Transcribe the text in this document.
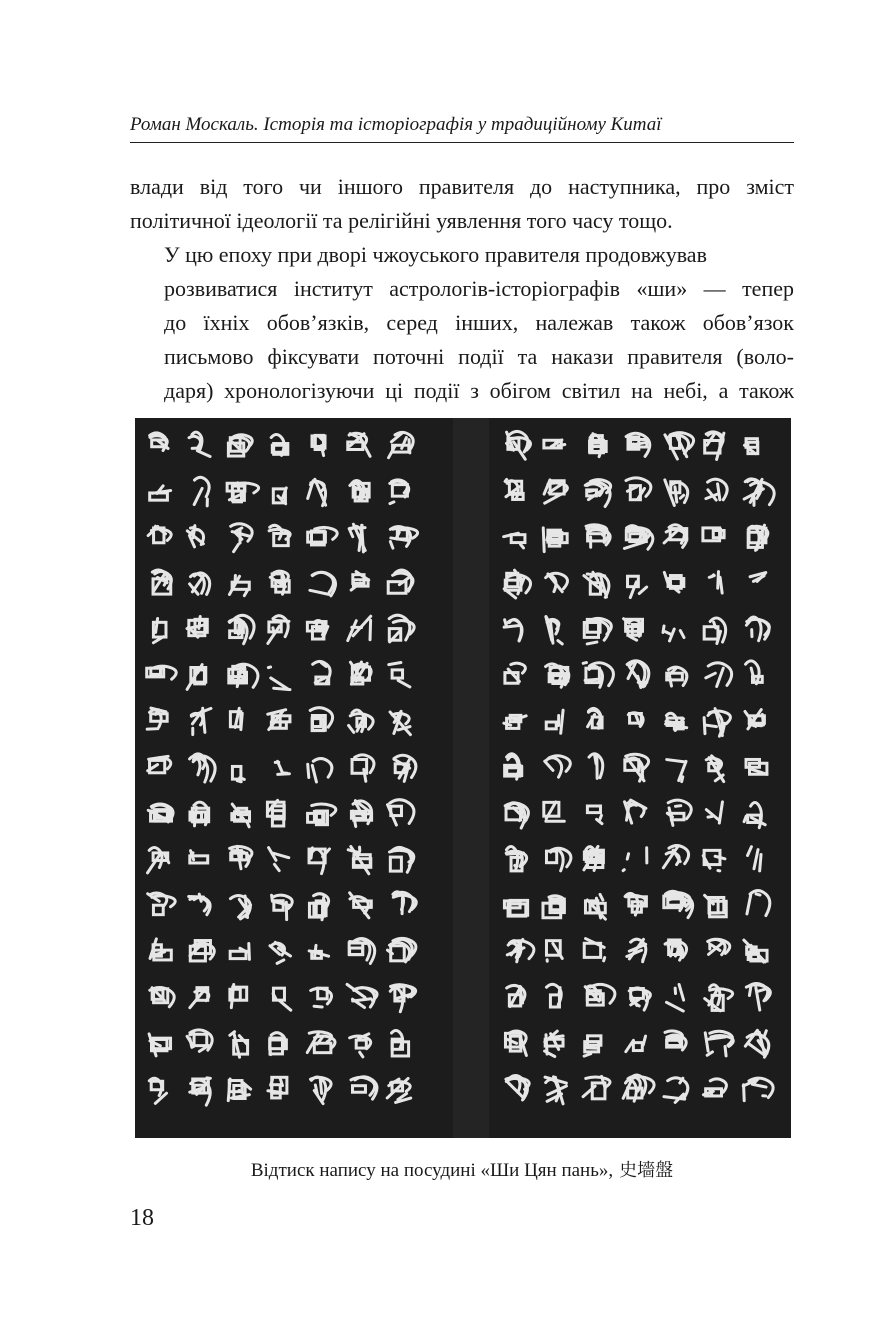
Роман Москаль. Історія та історіографія у традиційному Китаї

влади від того чи іншого правителя до наступника, про зміст
політичної ідеології та релігійні уявлення того часу тощо.

У цю епоху при дворі чжоуського правителя продовжував
розвиватися інститут астрологів-історіографів «ши» — тепер
до їхніх обов’язків, серед інших, належав також обов’язок
письмово фіксувати поточні події та накази правителя (воло-
даря) хронологізуючи ці події з обігом світил на небі, а також

Відтиск напису на посудині «Ши Цян пань», 史墻盤
18
